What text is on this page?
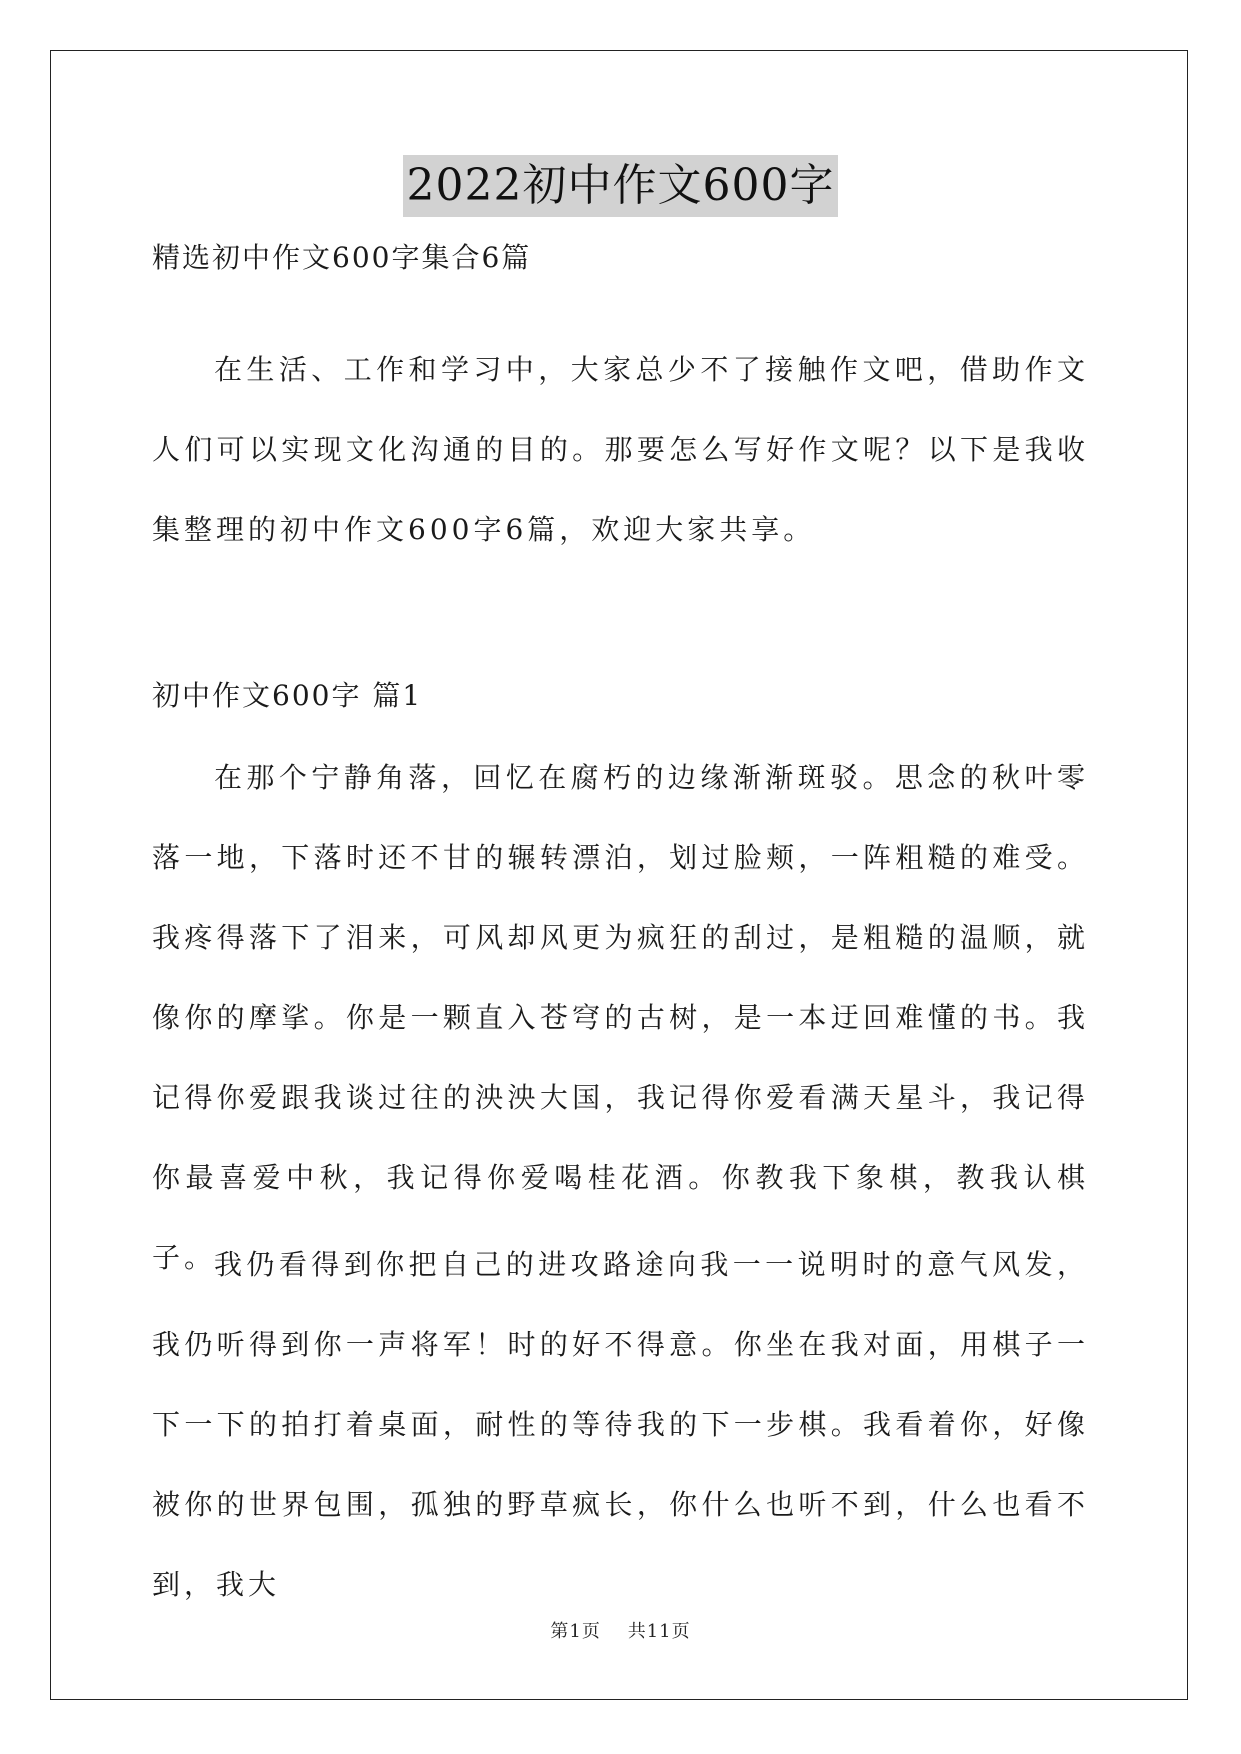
2022初中作文600字
精选初中作文600字集合6篇

在生活、工作和学习中，大家总少不了接触作文吧，借助作文人们可以实现文化沟通的目的。那要怎么写好作文呢？以下是我收集整理的初中作文600字6篇，欢迎大家共享。

初中作文600字 篇1

在那个宁静角落，回忆在腐朽的边缘渐渐斑驳。思念的秋叶零落一地，下落时还不甘的辗转漂泊，划过脸颊，一阵粗糙的难受。我疼得落下了泪来，可风却风更为疯狂的刮过，是粗糙的温顺，就像你的摩挲。你是一颗直入苍穹的古树，是一本迂回难懂的书。我记得你爱跟我谈过往的泱泱大国，我记得你爱看满天星斗，我记得你最喜爱中秋，我记得你爱喝桂花酒。你教我下象棋，教我认棋子。

我仍看得到你把自己的进攻路途向我一一说明时的意气风发，我仍听得到你一声将军！时的好不得意。你坐在我对面，用棋子一下一下的拍打着桌面，耐性的等待我的下一步棋。我看着你，好像被你的世界包围，孤独的野草疯长，你什么也听不到，什么也看不到，我大

第1页 共11页
